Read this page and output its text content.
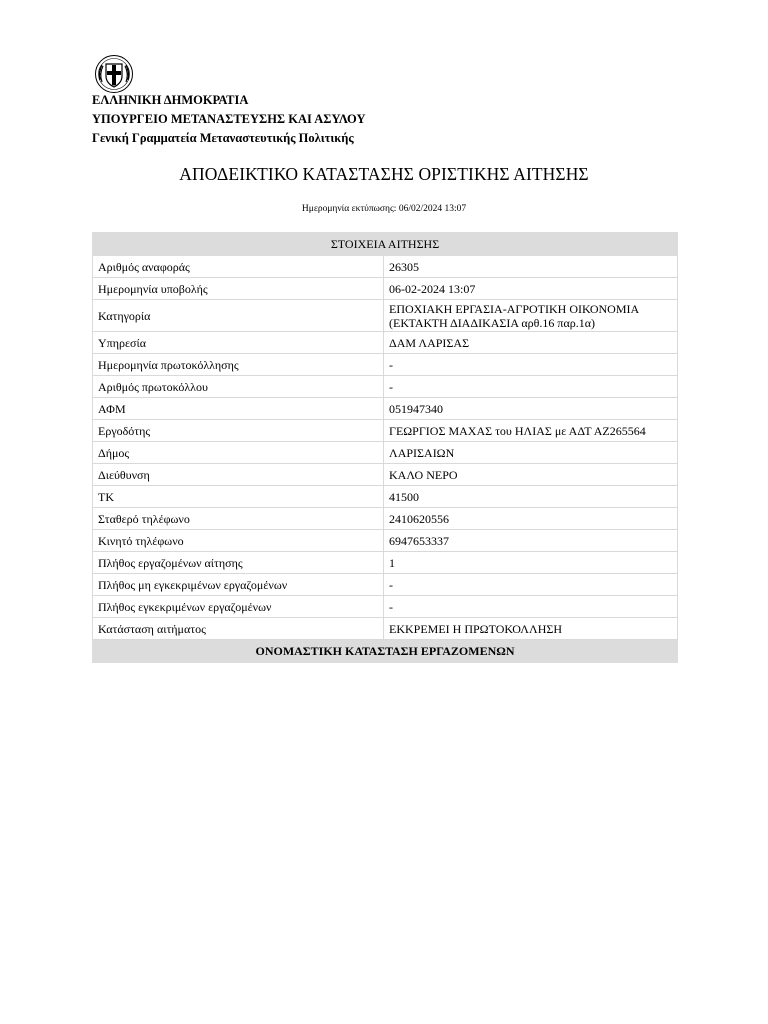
ΕΛΛΗΝΙΚΗ ΔΗΜΟΚΡΑΤΙΑ
ΥΠΟΥΡΓΕΙΟ ΜΕΤΑΝΑΣΤΕΥΣΗΣ ΚΑΙ ΑΣΥΛΟΥ
Γενική Γραμματεία Μεταναστευτικής Πολιτικής
ΑΠΟΔΕΙΚΤΙΚΟ ΚΑΤΑΣΤΑΣΗΣ ΟΡΙΣΤΙΚΗΣ ΑΙΤΗΣΗΣ
Ημερομηνία εκτύπωσης: 06/02/2024 13:07
ΣΤΟΙΧΕΙΑ ΑΙΤΗΣΗΣ	
Αριθμός αναφοράς	26305

Ημερομηνία υποβολής	06-02-2024 13:07

Κατηγορία	ΕΠΟΧΙΑΚΗ ΕΡΓΑΣΙΑ-ΑΓΡΟΤΙΚΗ ΟΙΚΟΝΟΜΙΑ
(ΕΚΤΑΚΤΗ ΔΙΑΔΙΚΑΣΙΑ αρθ.16 παρ.1α)

Υπηρεσία	ΔΑΜ ΛΑΡΙΣΑΣ

Ημερομηνία πρωτοκόλλησης	-

Αριθμός πρωτοκόλλου	-

ΑΦΜ	051947340

Εργοδότης	ΓΕΩΡΓΙΟΣ ΜΑΧΑΣ του ΗΛΙΑΣ με ΑΔΤ ΑΖ265564

Δήμος	ΛΑΡΙΣΑΙΩΝ

Διεύθυνση	ΚΑΛΟ ΝΕΡΟ

ΤΚ	41500

Σταθερό τηλέφωνο	2410620556

Κινητό τηλέφωνο	6947653337

Πλήθος εργαζομένων αίτησης	1

Πλήθος μη εγκεκριμένων εργαζομένων	-

Πλήθος εγκεκριμένων εργαζομένων	-

Κατάσταση αιτήματος	ΕΚΚΡΕΜΕΙ Η ΠΡΩΤΟΚΟΛΛΗΣΗ

ΟΝΟΜΑΣΤΙΚΗ ΚΑΤΑΣΤΑΣΗ ΕΡΓΑΖΟΜΕΝΩΝ	
